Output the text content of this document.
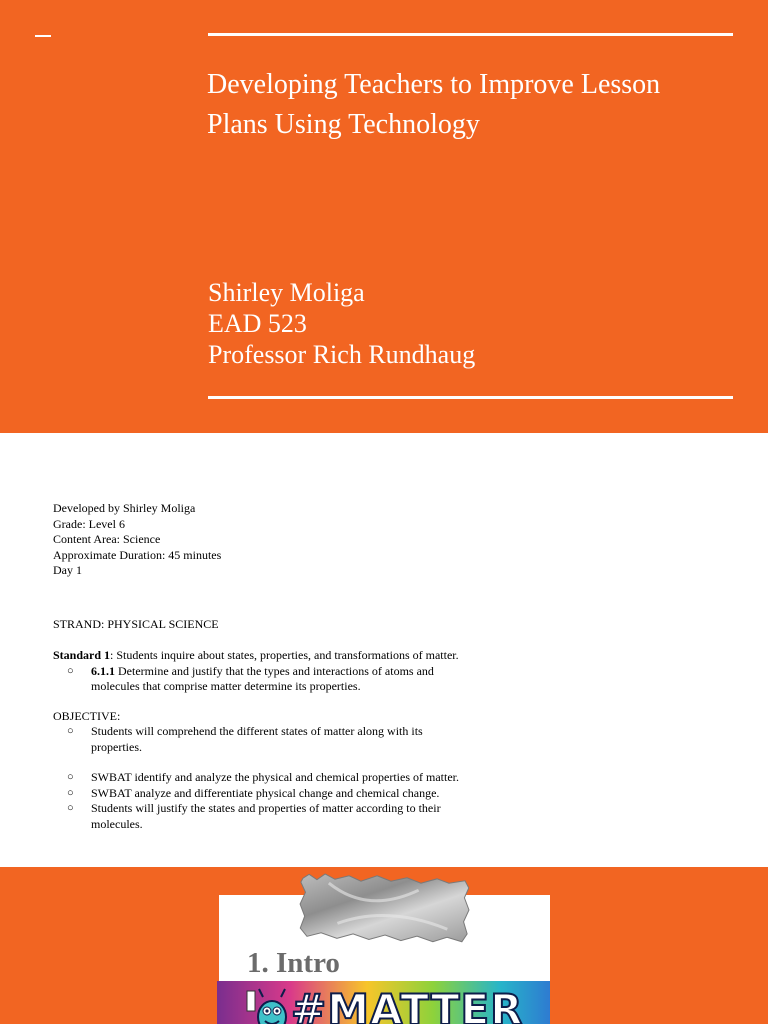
Developing Teachers to Improve Lesson
Plans Using Technology
Shirley Moliga
EAD 523
Professor Rich Rundhaug
Developed by Shirley Moliga
Grade: Level 6
Content Area: Science
Approximate Duration: 45 minutes
Day 1
STRAND: PHYSICAL SCIENCE
Standard 1: Students inquire about states, properties, and transformations of matter.
○ 6.1.1 Determine and justify that the types and interactions of atoms and molecules that comprise matter determine its properties.
OBJECTIVE:
○ Students will comprehend the different states of matter along with its properties.
○ SWBAT identify and analyze the physical and chemical properties of matter.
○ SWBAT analyze and differentiate physical change and chemical change.
○ Students will justify the states and properties of matter according to their molecules.
1. Intro
#MATTER
